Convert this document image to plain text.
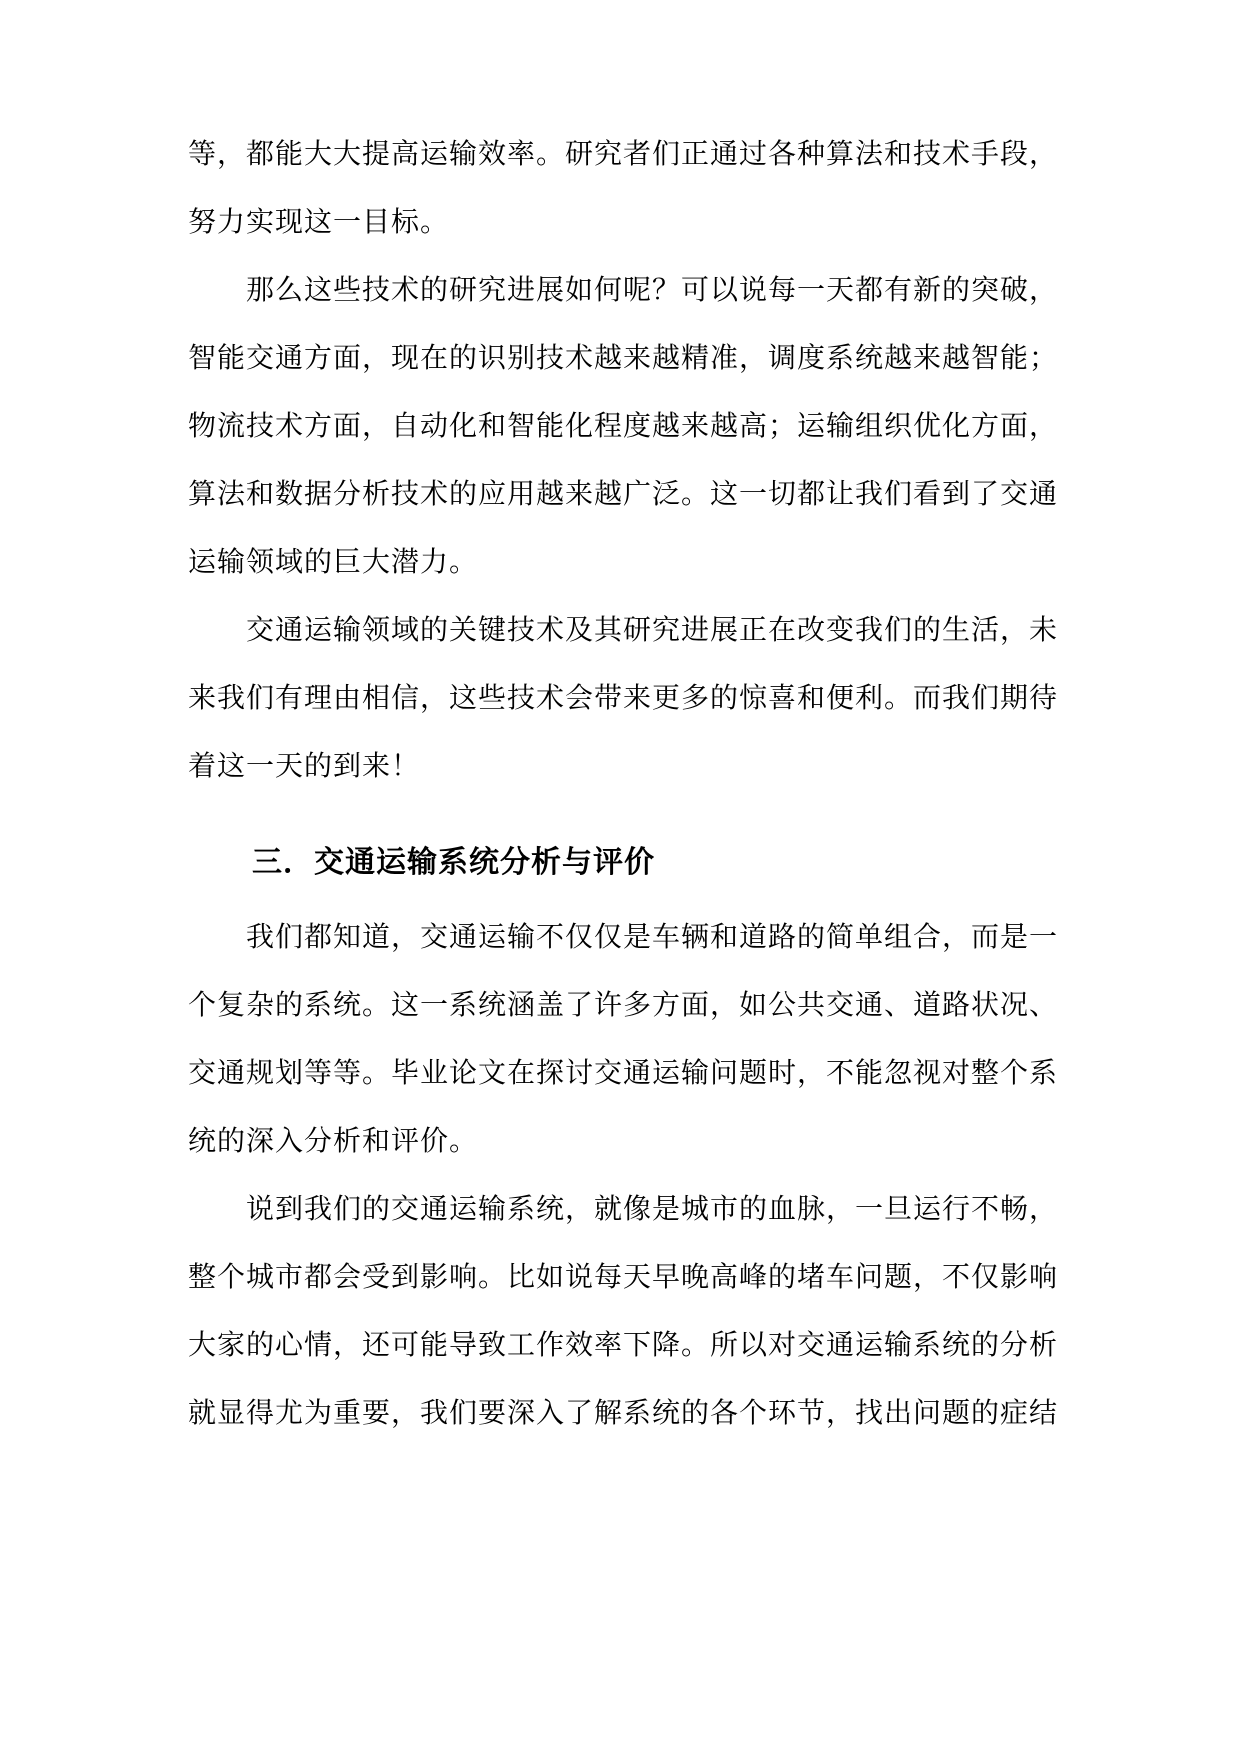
等，都能大大提高运输效率。研究者们正通过各种算法和技术手段，
努力实现这一目标。
那么这些技术的研究进展如何呢？可以说每一天都有新的突破，
智能交通方面，现在的识别技术越来越精准，调度系统越来越智能；
物流技术方面，自动化和智能化程度越来越高；运输组织优化方面，
算法和数据分析技术的应用越来越广泛。这一切都让我们看到了交通
运输领域的巨大潜力。
交通运输领域的关键技术及其研究进展正在改变我们的生活，未
来我们有理由相信，这些技术会带来更多的惊喜和便利。而我们期待
着这一天的到来！
三．交通运输系统分析与评价
我们都知道，交通运输不仅仅是车辆和道路的简单组合，而是一
个复杂的系统。这一系统涵盖了许多方面，如公共交通、道路状况、
交通规划等等。毕业论文在探讨交通运输问题时，不能忽视对整个系
统的深入分析和评价。
说到我们的交通运输系统，就像是城市的血脉，一旦运行不畅，
整个城市都会受到影响。比如说每天早晚高峰的堵车问题，不仅影响
大家的心情，还可能导致工作效率下降。所以对交通运输系统的分析
就显得尤为重要，我们要深入了解系统的各个环节，找出问题的症结
